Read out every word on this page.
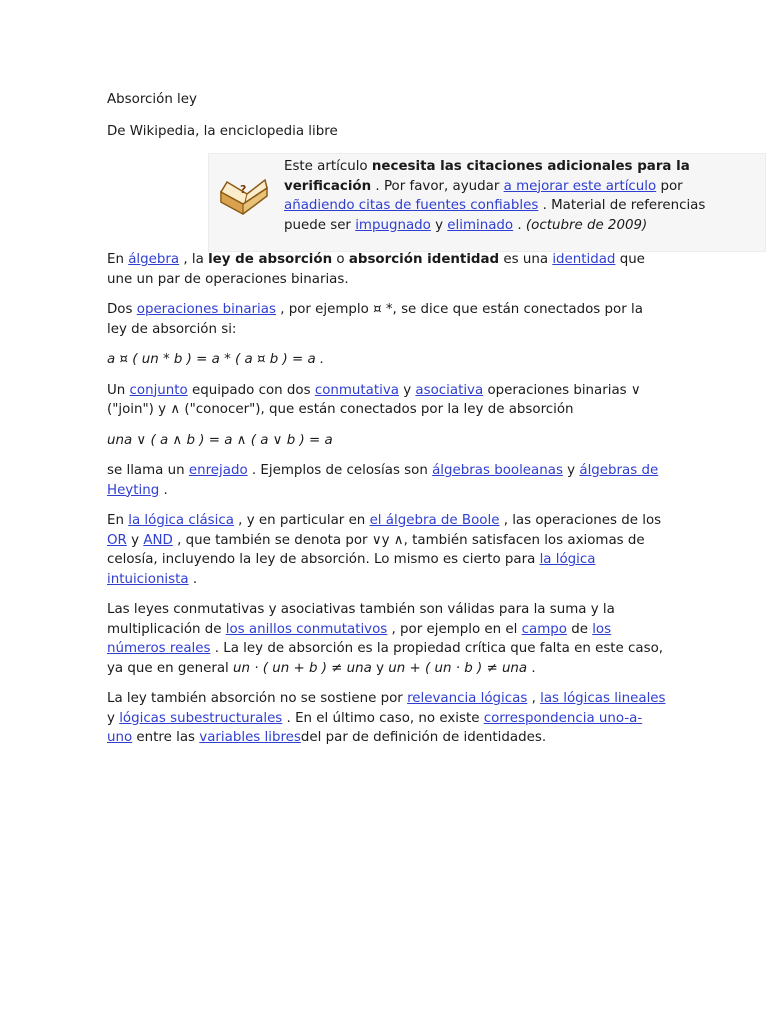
?
Este artículo necesita las citaciones adicionales para la verificación . Por favor, ayudar a mejorar este artículo por añadiendo citas de fuentes confiables . Material de referencias puede ser impugnado y eliminado . (octubre de 2009)

Absorción ley

De Wikipedia, la enciclopedia libre

En álgebra , la ley de absorción o absorción identidad es una identidad que une un par de operaciones binarias.

Dos operaciones binarias , por ejemplo ¤ *, se dice que están conectados por la ley de absorción si:

a ¤ ( un * b ) = a * ( a ¤ b ) = a .

Un conjunto equipado con dos conmutativa y asociativa operaciones binarias ∨ ("join") y ∧ ("conocer"), que están conectados por la ley de absorción

una ∨ ( a ∧ b ) = a ∧ ( a ∨ b ) = a

se llama un enrejado . Ejemplos de celosías son álgebras booleanas y álgebras de Heyting .

En la lógica clásica , y en particular en el álgebra de Boole , las operaciones de los OR y AND , que también se denota por ∨y ∧, también satisfacen los axiomas de celosía, incluyendo la ley de absorción. Lo mismo es cierto para la lógica intuicionista .

Las leyes conmutativas y asociativas también son válidas para la suma y la multiplicación de los anillos conmutativos , por ejemplo en el campo de los números reales . La ley de absorción es la propiedad crítica que falta en este caso, ya que en general un · ( un + b ) ≠ una y un + ( un · b ) ≠ una .

La ley también absorción no se sostiene por relevancia lógicas , las lógicas lineales y lógicas subestructurales . En el último caso, no existe correspondencia uno-a-uno entre las variables libresdel par de definición de identidades.
